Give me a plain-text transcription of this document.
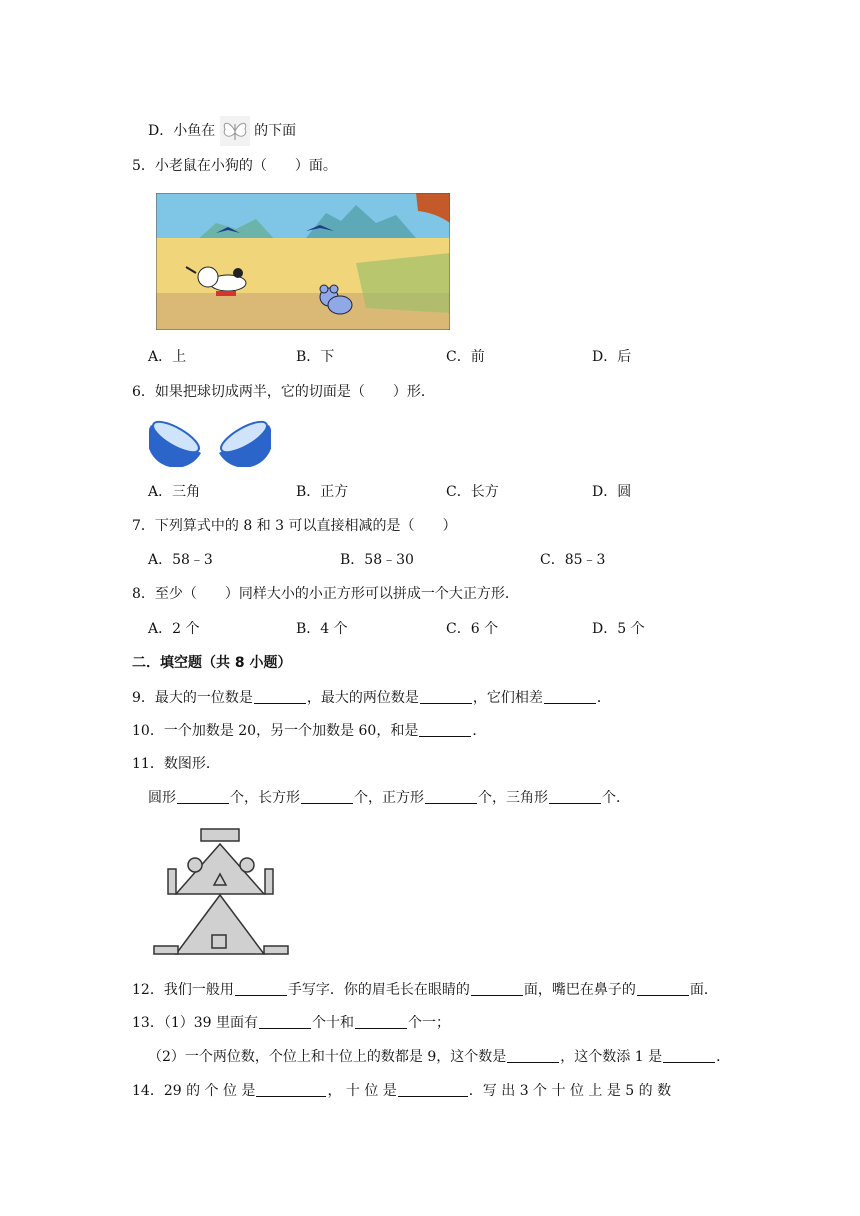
D．小鱼在	的下面
5．小老鼠在小狗的（　　）面。
A．上	B．下	C．前	D．后
6．如果把球切成两半，它的切面是（　　）形．
A．三角	B．正方	C．长方	D．圆
7．下列算式中的 8 和 3 可以直接相减的是（　　）
A．58﹣3	B．58﹣30	C．85﹣3
8．至少（　　）同样大小的小正方形可以拼成一个大正方形．
A．2 个	B．4 个	C．6 个	D．5 个
二．填空题（共 8 小题）
9．最大的一位数是	，最大的两位数是	，它们相差	．
10．一个加数是 20，另一个加数是 60，和是	．
11．数图形．
圆形	个，长方形	个，正方形	个，三角形	个．
12．我们一般用	手写字．你的眉毛长在眼睛的	面，嘴巴在鼻子的	面．
13．（1）39 里面有	个十和	个一；
（2）一个两位数，个位上和十位上的数都是 9，这个数是	，这个数添 1 是	．
14．29 的 个 位 是	， 十 位 是	．写 出 3 个 十 位 上 是 5 的 数
